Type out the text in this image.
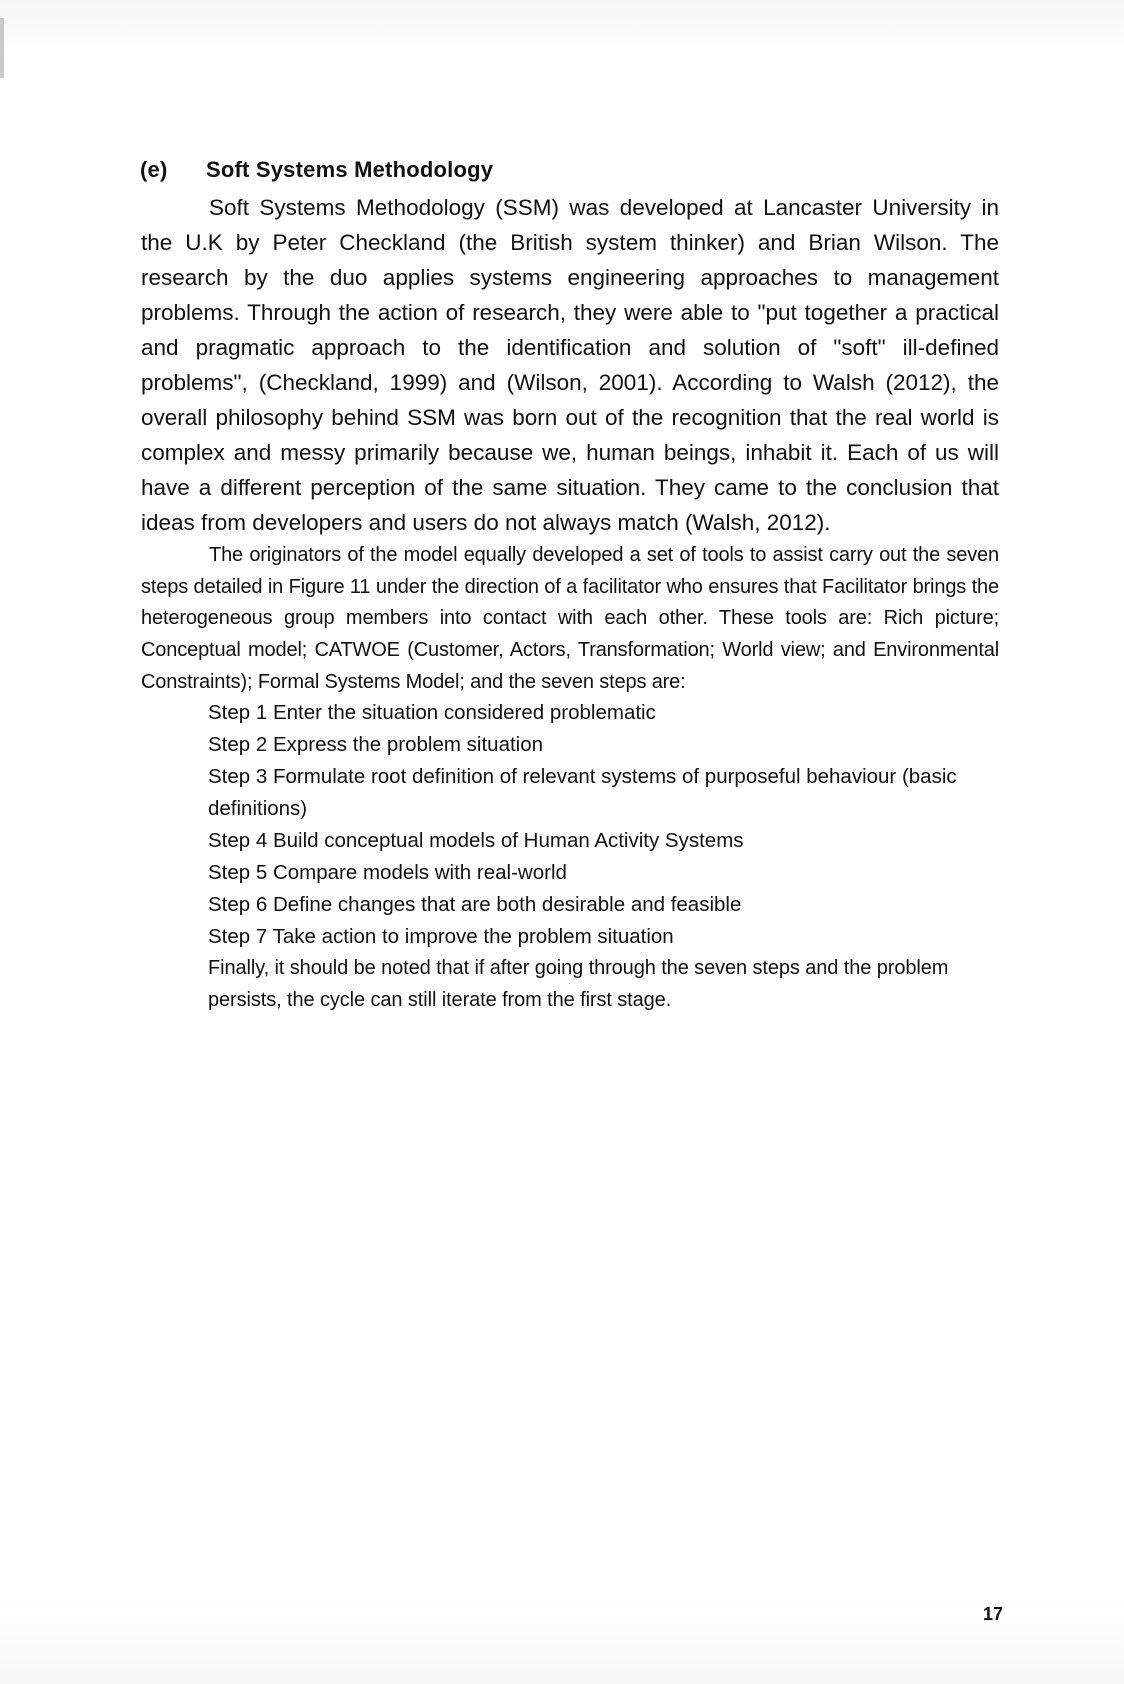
(e) Soft Systems Methodology

Soft Systems Methodology (SSM) was developed at Lancaster University in the U.K by Peter Checkland (the British system thinker) and Brian Wilson. The research by the duo applies systems engineering approaches to management problems. Through the action of research, they were able to "put together a practical and pragmatic approach to the identification and solution of "soft" ill-defined problems", (Checkland, 1999) and (Wilson, 2001). According to Walsh (2012), the overall philosophy behind SSM was born out of the recognition that the real world is complex and messy primarily because we, human beings, inhabit it. Each of us will have a different perception of the same situation. They came to the conclusion that ideas from developers and users do not always match (Walsh, 2012).

The originators of the model equally developed a set of tools to assist carry out the seven steps detailed in Figure 11 under the direction of a facilitator who ensures that Facilitator brings the heterogeneous group members into contact with each other. These tools are: Rich picture; Conceptual model; CATWOE (Customer, Actors, Transformation; World view; and Environmental Constraints); Formal Systems Model; and the seven steps are:

Step 1 Enter the situation considered problematic
Step 2 Express the problem situation
Step 3 Formulate root definition of relevant systems of purposeful behaviour (basic definitions)
Step 4 Build conceptual models of Human Activity Systems
Step 5 Compare models with real-world
Step 6 Define changes that are both desirable and feasible
Step 7 Take action to improve the problem situation

Finally, it should be noted that if after going through the seven steps and the problem persists, the cycle can still iterate from the first stage.

17
